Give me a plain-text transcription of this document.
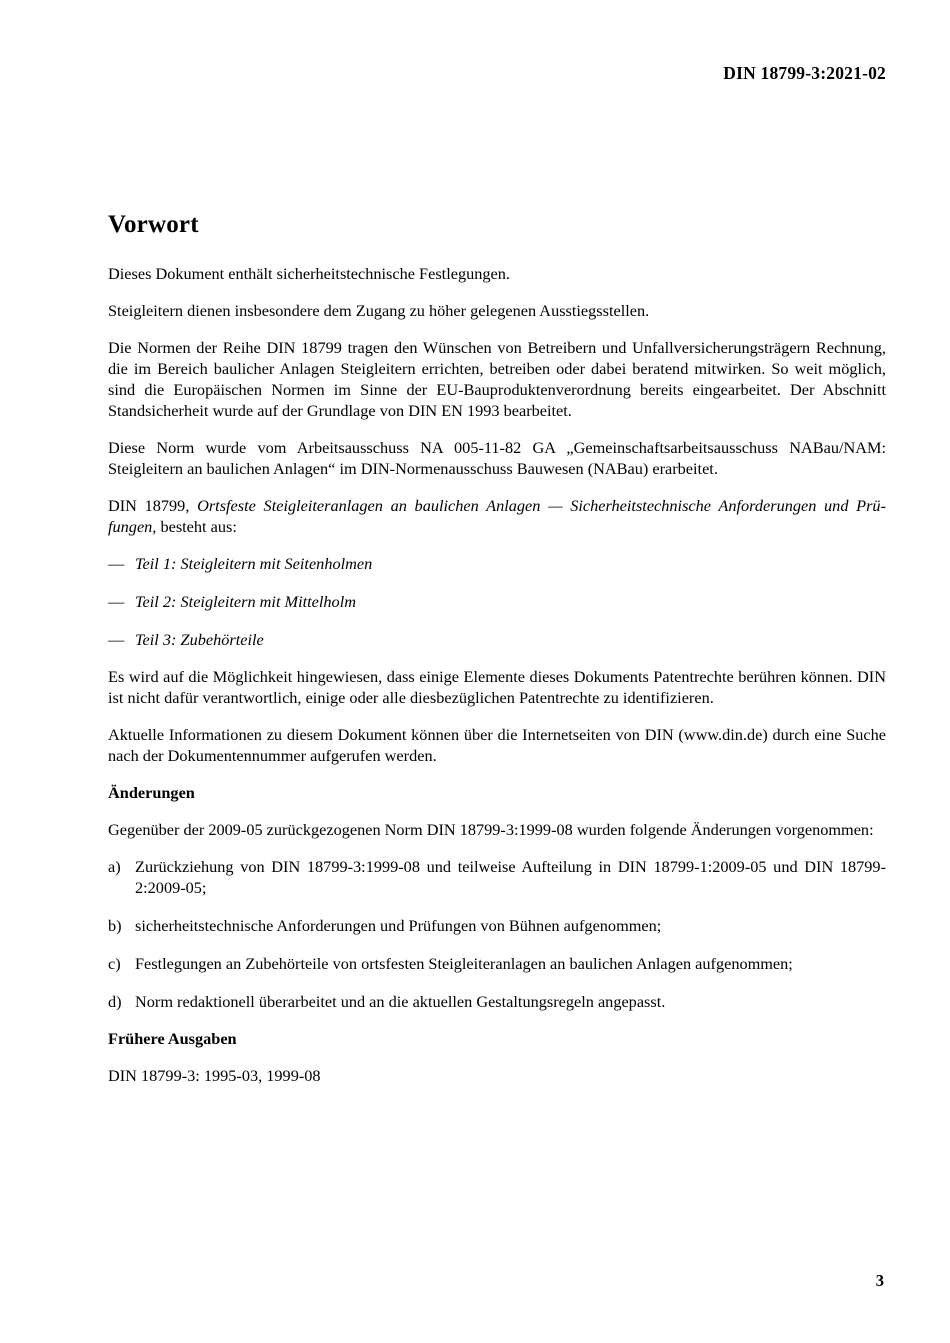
DIN 18799-3:2021-02
Vorwort

Dieses Dokument enthält sicherheitstechnische Festlegungen.

Steigleitern dienen insbesondere dem Zugang zu höher gelegenen Ausstiegsstellen.

Die Normen der Reihe DIN 18799 tragen den Wünschen von Betreibern und Unfallversicherungsträgern Rechnung, die im Bereich baulicher Anlagen Steigleitern errichten, betreiben oder dabei beratend mitwirken. So weit möglich, sind die Europäischen Normen im Sinne der EU-Bauproduktenverordnung bereits eingearbeitet. Der Abschnitt Standsicherheit wurde auf der Grundlage von DIN EN 1993 bearbeitet.

Diese Norm wurde vom Arbeitsausschuss NA 005-11-82 GA „Gemeinschaftsarbeitsausschuss NABau/NAM: Steigleitern an baulichen Anlagen“ im DIN-Normenausschuss Bauwesen (NABau) erarbeitet.

DIN 18799, Ortsfeste Steigleiteranlagen an baulichen Anlagen — Sicherheitstechnische Anforderungen und Prüfungen, besteht aus:

— Teil 1: Steigleitern mit Seitenholmen
— Teil 2: Steigleitern mit Mittelholm
— Teil 3: Zubehörteile

Es wird auf die Möglichkeit hingewiesen, dass einige Elemente dieses Dokuments Patentrechte berühren können. DIN ist nicht dafür verantwortlich, einige oder alle diesbezüglichen Patentrechte zu identifizieren.

Aktuelle Informationen zu diesem Dokument können über die Internetseiten von DIN (www.din.de) durch eine Suche nach der Dokumentennummer aufgerufen werden.

Änderungen

Gegenüber der 2009-05 zurückgezogenen Norm DIN 18799-3:1999-08 wurden folgende Änderungen vorgenommen:

a) Zurückziehung von DIN 18799-3:1999-08 und teilweise Aufteilung in DIN 18799-1:2009-05 und DIN 18799-2:2009-05;
b) sicherheitstechnische Anforderungen und Prüfungen von Bühnen aufgenommen;
c) Festlegungen an Zubehörteile von ortsfesten Steigleiteranlagen an baulichen Anlagen aufgenommen;
d) Norm redaktionell überarbeitet und an die aktuellen Gestaltungsregeln angepasst.
Frühere Ausgaben

DIN 18799-3: 1995-03, 1999-08

3
